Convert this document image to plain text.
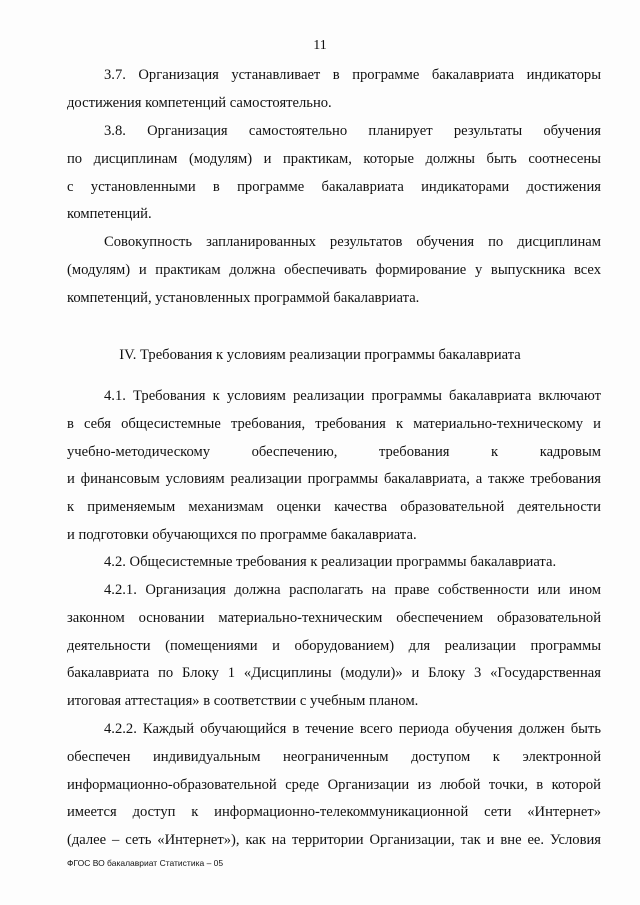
11
3.7. Организация устанавливает в программе бакалавриата индикаторы
достижения компетенций самостоятельно.
3.8. Организация самостоятельно планирует результаты обучения
по дисциплинам (модулям) и практикам, которые должны быть соотнесены
с установленными в программе бакалавриата индикаторами достижения
компетенций.
Совокупность запланированных результатов обучения по дисциплинам
(модулям) и практикам должна обеспечивать формирование у выпускника всех
компетенций, установленных программой бакалавриата.
IV. Требования к условиям реализации программы бакалавриата
4.1. Требования к условиям реализации программы бакалавриата включают
в себя общесистемные требования, требования к материально-техническому и
учебно-методическому обеспечению, требования к кадровым
и финансовым условиям реализации программы бакалавриата, а также требования
к применяемым механизмам оценки качества образовательной деятельности
и подготовки обучающихся по программе бакалавриата.
4.2. Общесистемные требования к реализации программы бакалавриата.
4.2.1. Организация должна располагать на праве собственности или ином
законном основании материально-техническим обеспечением образовательной
деятельности (помещениями и оборудованием) для реализации программы
бакалавриата по Блоку 1 «Дисциплины (модули)» и Блоку 3 «Государственная
итоговая аттестация» в соответствии с учебным планом.
4.2.2. Каждый обучающийся в течение всего периода обучения должен быть
обеспечен индивидуальным неограниченным доступом к электронной
информационно-образовательной среде Организации из любой точки, в которой
имеется доступ к информационно-телекоммуникационной сети «Интернет»
(далее – сеть «Интернет»), как на территории Организации, так и вне ее. Условия
ФГОС ВО бакалавриат Статистика – 05
